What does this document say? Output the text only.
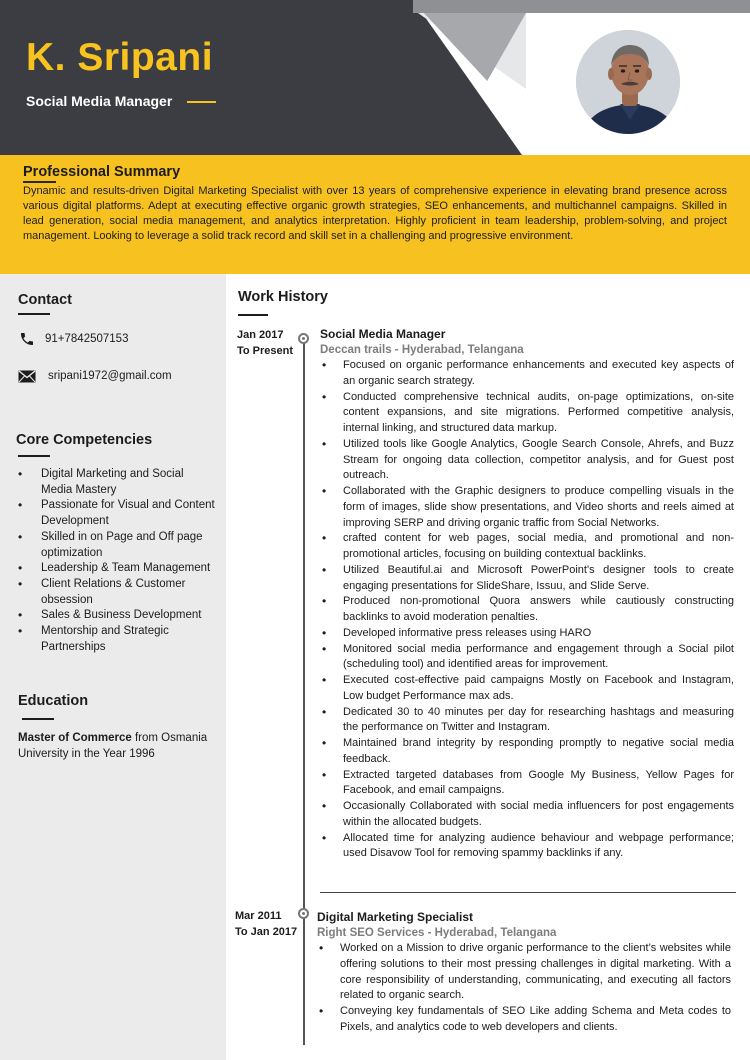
K. Sripani
Social Media Manager
Professional Summary

Dynamic and results-driven Digital Marketing Specialist with over 13 years of comprehensive experience in elevating brand presence across various digital platforms. Adept at executing effective organic growth strategies, SEO enhancements, and multichannel campaigns. Skilled in lead generation, social media management, and analytics interpretation. Highly proficient in team leadership, problem-solving, and project management. Looking to leverage a solid track record and skill set in a challenging and progressive environment.

Contact
91+7842507153
sripani1972@gmail.com
Core Competencies
• Digital Marketing and Social Media Mastery
• Passionate for Visual and Content Development
• Skilled in on Page and Off page optimization
• Leadership & Team Management
• Client Relations & Customer obsession
• Sales & Business Development
• Mentorship and Strategic Partnerships
Education
Master of Commerce from Osmania University in the Year 1996
Work History
Jan 2017
To Present
Social Media Manager
Deccan trails - Hyderabad, Telangana
• Focused on organic performance enhancements and executed key aspects of an organic search strategy.
• Conducted comprehensive technical audits, on-page optimizations, on-site content expansions, and site migrations. Performed competitive analysis, internal linking, and structured data markup.
• Utilized tools like Google Analytics, Google Search Console, Ahrefs, and Buzz Stream for ongoing data collection, competitor analysis, and for Guest post outreach.
• Collaborated with the Graphic designers to produce compelling visuals in the form of images, slide show presentations, and Video shorts and reels aimed at improving SERP and driving organic traffic from Social Networks.
• crafted content for web pages, social media, and promotional and non-promotional articles, focusing on building contextual backlinks.
• Utilized Beautiful.ai and Microsoft PowerPoint's designer tools to create engaging presentations for SlideShare, Issuu, and Slide Serve.
• Produced non-promotional Quora answers while cautiously constructing backlinks to avoid moderation penalties.
• Developed informative press releases using HARO
• Monitored social media performance and engagement through a Social pilot (scheduling tool) and identified areas for improvement.
• Executed cost-effective paid campaigns Mostly on Facebook and Instagram, Low budget Performance max ads.
• Dedicated 30 to 40 minutes per day for researching hashtags and measuring the performance on Twitter and Instagram.
• Maintained brand integrity by responding promptly to negative social media feedback.
• Extracted targeted databases from Google My Business, Yellow Pages for Facebook, and email campaigns.
• Occasionally Collaborated with social media influencers for post engagements within the allocated budgets.
• Allocated time for analyzing audience behaviour and webpage performance; used Disavow Tool for removing spammy backlinks if any.
Mar 2011
To Jan 2017
Digital Marketing Specialist
Right SEO Services - Hyderabad, Telangana
• Worked on a Mission to drive organic performance to the client’s websites while offering solutions to their most pressing challenges in digital marketing. With a core responsibility of understanding, communicating, and executing all factors related to organic search.
• Conveying key fundamentals of SEO Like adding Schema and Meta codes to Pixels, and analytics code to web developers and clients.
